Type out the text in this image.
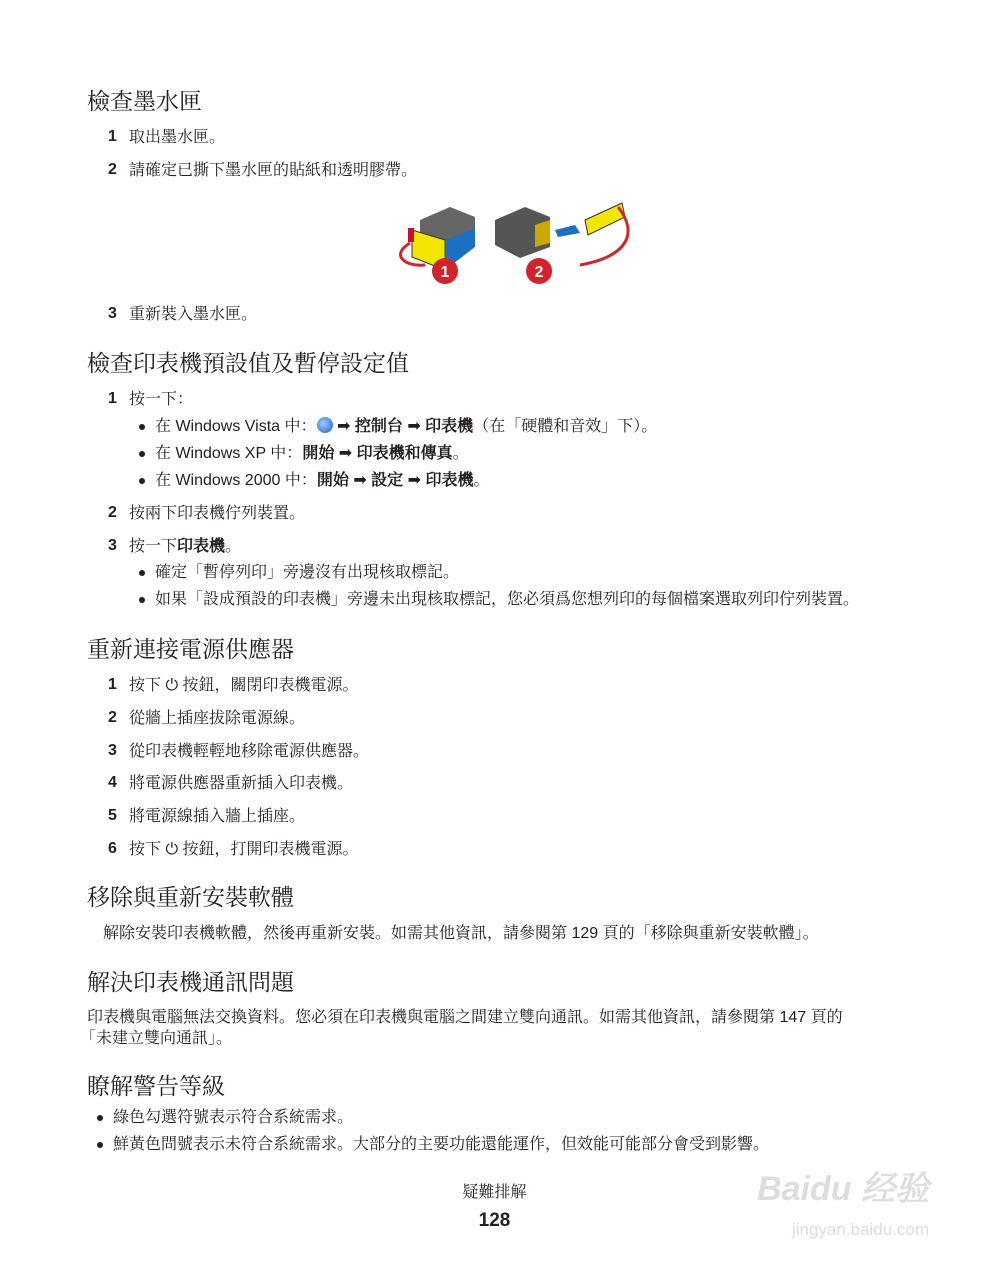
檢查墨水匣
1 取出墨水匣。
2 請確定已撕下墨水匣的貼紙和透明膠帶。
1	2
3 重新裝入墨水匣。
檢查印表機預設值及暫停設定值
1 按一下：
在 Windows Vista 中： ➡ 控制台 ➡ 印表機（在「硬體和音效」下）。
在 Windows XP 中：開始 ➡ 印表機和傳真。
在 Windows 2000 中：開始 ➡ 設定 ➡ 印表機。
2 按兩下印表機佇列裝置。
3 按一下印表機。
確定「暫停列印」旁邊沒有出現核取標記。
如果「設成預設的印表機」旁邊未出現核取標記，您必須爲您想列印的每個檔案選取列印佇列裝置。
重新連接電源供應器
1 按下 ⏻ 按鈕，關閉印表機電源。
2 從牆上插座拔除電源線。
3 從印表機輕輕地移除電源供應器。
4 將電源供應器重新插入印表機。
5 將電源線插入牆上插座。
6 按下 ⏻ 按鈕，打開印表機電源。
移除與重新安裝軟體
解除安裝印表機軟體，然後再重新安裝。如需其他資訊，請參閱第 129 頁的「移除與重新安裝軟體」。
解決印表機通訊問題
印表機與電腦無法交換資料。您必須在印表機與電腦之間建立雙向通訊。如需其他資訊，請參閱第 147 頁的
「未建立雙向通訊」。
瞭解警告等級
綠色勾選符號表示符合系統需求。
鮮黃色問號表示未符合系統需求。大部分的主要功能還能運作，但效能可能部分會受到影響。
疑難排解
128
Baidu 经验
jingyan.baidu.com
